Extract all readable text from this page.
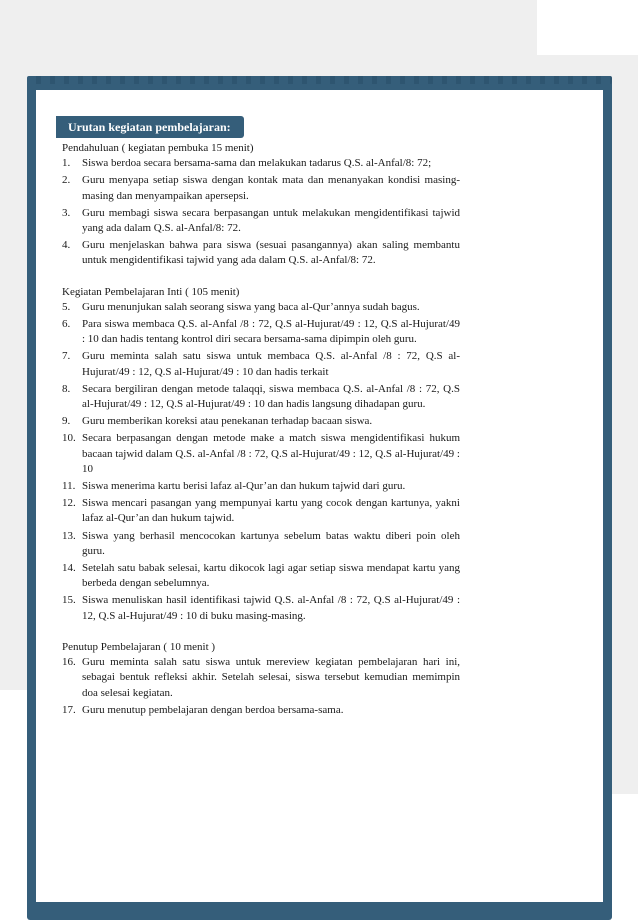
Urutan kegiatan pembelajaran:

Pendahuluan ( kegiatan pembuka 15 menit)

1.	Siswa berdoa secara bersama-sama dan melakukan tadarus Q.S. al-Anfal/8: 72;
2.	Guru menyapa setiap siswa dengan kontak mata dan menanyakan kondisi masing-masing dan menyampaikan apersepsi.
3.	Guru membagi siswa secara berpasangan untuk melakukan mengidentifikasi tajwid yang ada dalam Q.S. al-Anfal/8: 72.
4.	Guru menjelaskan bahwa para siswa (sesuai pasangannya) akan saling membantu untuk mengidentifikasi tajwid yang ada dalam Q.S. al-Anfal/8: 72.

Kegiatan Pembelajaran Inti ( 105 menit)

5.	Guru menunjukan salah seorang siswa yang baca al-Qur’annya sudah bagus.
6.	Para siswa membaca Q.S. al-Anfal /8 : 72, Q.S al-Hujurat/49 : 12, Q.S al-Hujurat/49 : 10 dan hadis tentang kontrol diri secara bersama-sama dipimpin oleh guru.
7.	Guru meminta salah satu siswa untuk membaca Q.S. al-Anfal /8 : 72, Q.S al-Hujurat/49 : 12, Q.S al-Hujurat/49 : 10 dan hadis terkait
8.	Secara bergiliran dengan metode talaqqi, siswa membaca Q.S. al-Anfal /8 : 72, Q.S al-Hujurat/49 : 12, Q.S al-Hujurat/49 : 10 dan hadis langsung dihadapan guru.
9.	Guru memberikan koreksi atau penekanan terhadap bacaan siswa.
10. Secara berpasangan dengan metode make a match siswa mengidentifikasi hukum bacaan tajwid dalam Q.S. al-Anfal /8 : 72, Q.S al-Hujurat/49 : 12, Q.S al-Hujurat/49 : 10
11. Siswa menerima kartu berisi lafaz al-Qur’an dan hukum tajwid dari guru.
12. Siswa mencari pasangan yang mempunyai kartu yang cocok dengan kartunya, yakni lafaz al-Qur’an dan hukum tajwid.
13. Siswa yang berhasil mencocokan kartunya sebelum batas waktu diberi poin oleh guru.
14. Setelah satu babak selesai, kartu dikocok lagi agar setiap siswa mendapat kartu yang berbeda dengan sebelumnya.
15. Siswa menuliskan hasil identifikasi tajwid Q.S. al-Anfal /8 : 72, Q.S al-Hujurat/49 : 12, Q.S al-Hujurat/49 : 10 di buku masing-masing.

Penutup Pembelajaran ( 10 menit )

16. Guru meminta salah satu siswa untuk mereview kegiatan pembelajaran hari ini, sebagai bentuk refleksi akhir. Setelah selesai, siswa tersebut kemudian memimpin doa selesai kegiatan.
17. Guru menutup pembelajaran dengan berdoa bersama-sama.
